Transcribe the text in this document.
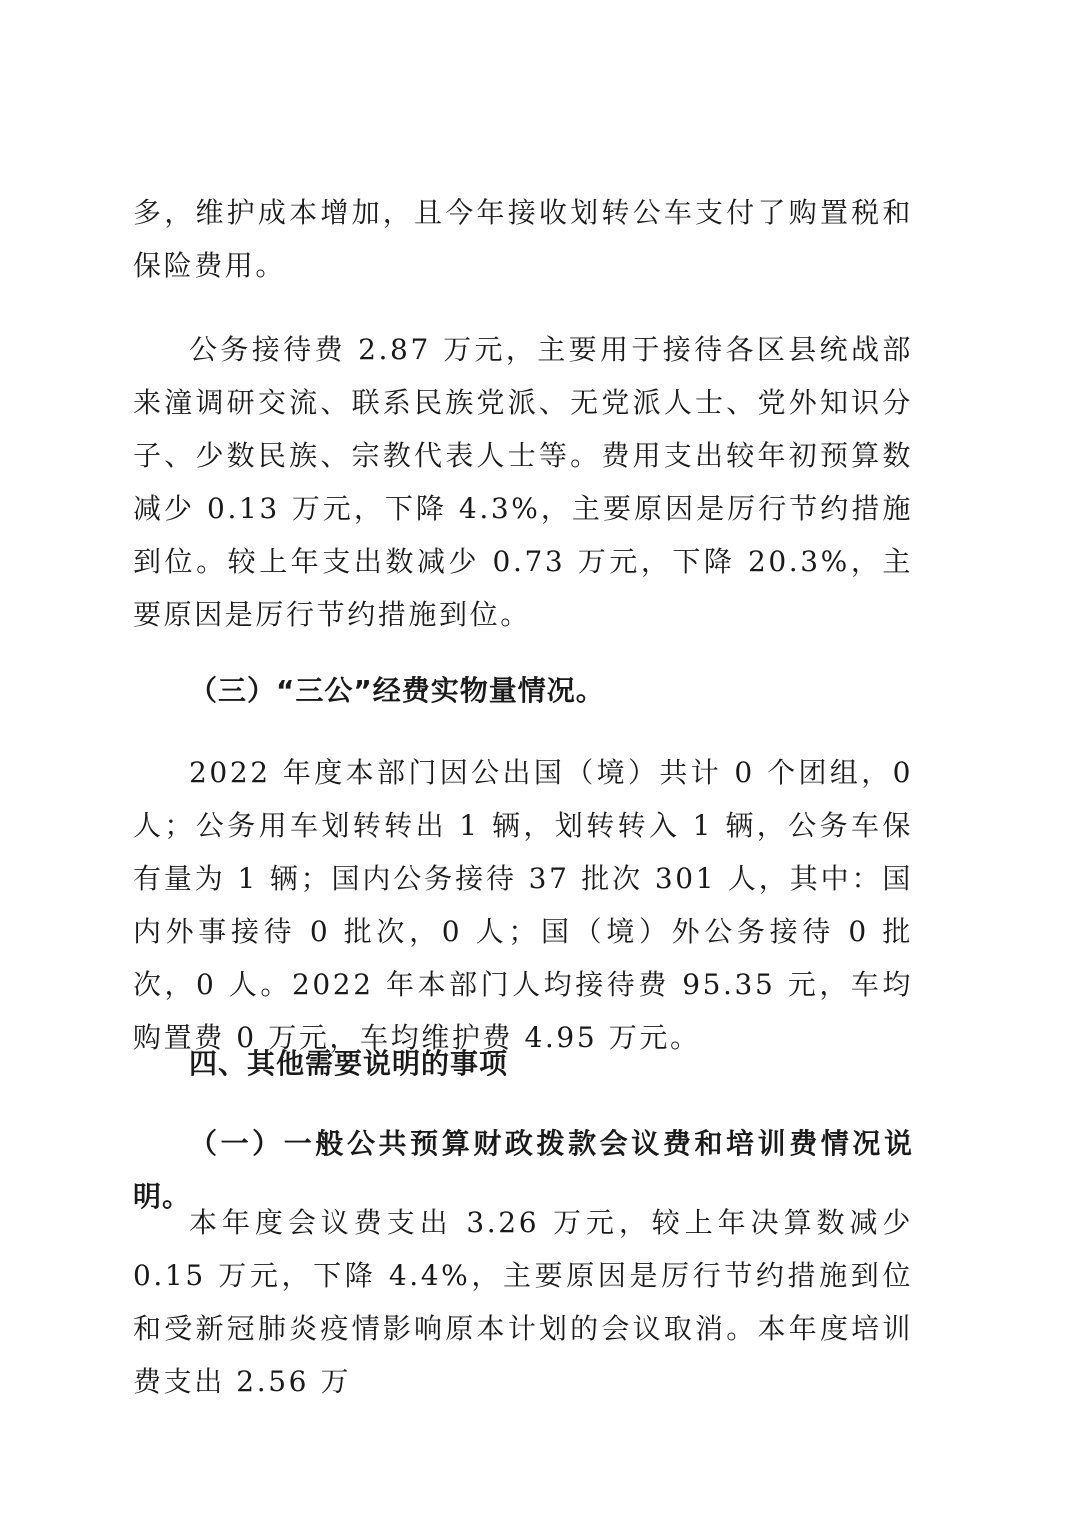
多，维护成本增加，且今年接收划转公车支付了购置税和保险费用。

公务接待费 2.87 万元，主要用于接待各区县统战部来潼调研交流、联系民族党派、无党派人士、党外知识分子、少数民族、宗教代表人士等。费用支出较年初预算数减少 0.13 万元，下降 4.3%，主要原因是厉行节约措施到位。较上年支出数减少 0.73 万元，下降 20.3%，主要原因是厉行节约措施到位。

（三）“三公”经费实物量情况。

2022 年度本部门因公出国（境）共计 0 个团组，0 人；公务用车划转转出 1 辆，划转转入 1 辆，公务车保有量为 1 辆；国内公务接待 37 批次 301 人，其中：国内外事接待 0 批次，0 人；国（境）外公务接待 0 批次，0 人。2022 年本部门人均接待费 95.35 元，车均购置费 0 万元，车均维护费 4.95 万元。

四、其他需要说明的事项

（一）一般公共预算财政拨款会议费和培训费情况说明。

本年度会议费支出 3.26 万元，较上年决算数减少 0.15 万元，下降 4.4%，主要原因是厉行节约措施到位和受新冠肺炎疫情影响原本计划的会议取消。本年度培训费支出 2.56 万
